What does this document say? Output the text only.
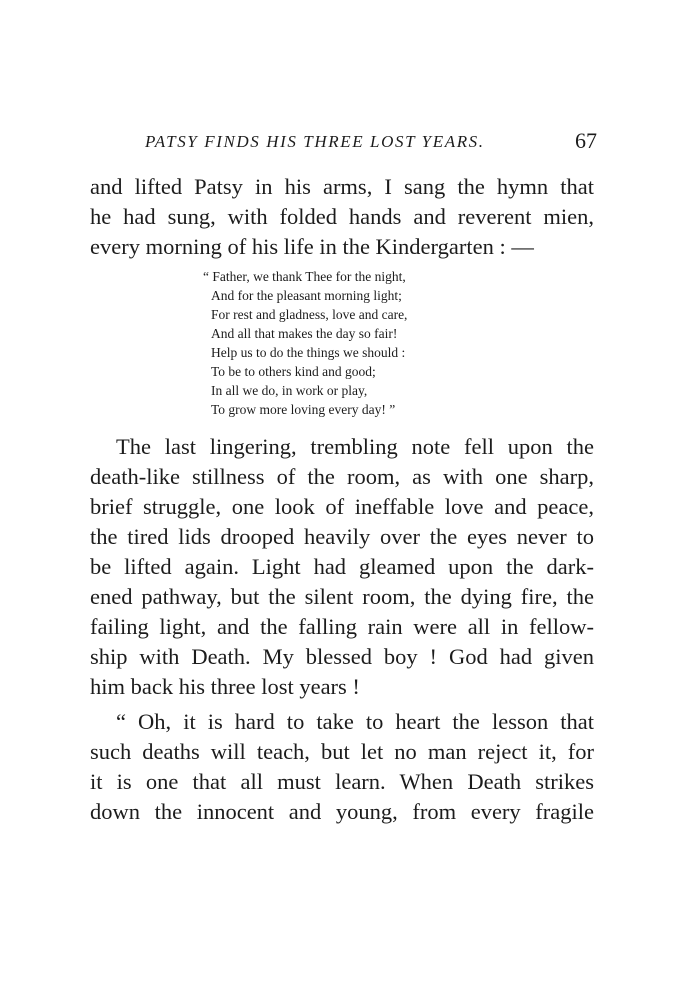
PATSY FINDS HIS THREE LOST YEARS.	67
and lifted Patsy in his arms, I sang the hymn that
he had sung, with folded hands and reverent mien,
every morning of his life in the Kindergarten : —
“ Father, we thank Thee for the night,
And for the pleasant morning light;
For rest and gladness, love and care,
And all that makes the day so fair!
Help us to do the things we should :
To be to others kind and good;
In all we do, in work or play,
To grow more loving every day! ”
The last lingering, trembling note fell upon the
death-like stillness of the room, as with one sharp,
brief struggle, one look of ineffable love and peace,
the tired lids drooped heavily over the eyes never to
be lifted again. Light had gleamed upon the dark-
ened pathway, but the silent room, the dying fire, the
failing light, and the falling rain were all in fellow-
ship with Death. My blessed boy ! God had given
him back his three lost years !
“ Oh, it is hard to take to heart the lesson that
such deaths will teach, but let no man reject it, for
it is one that all must learn. When Death strikes
down the innocent and young, from every fragile
